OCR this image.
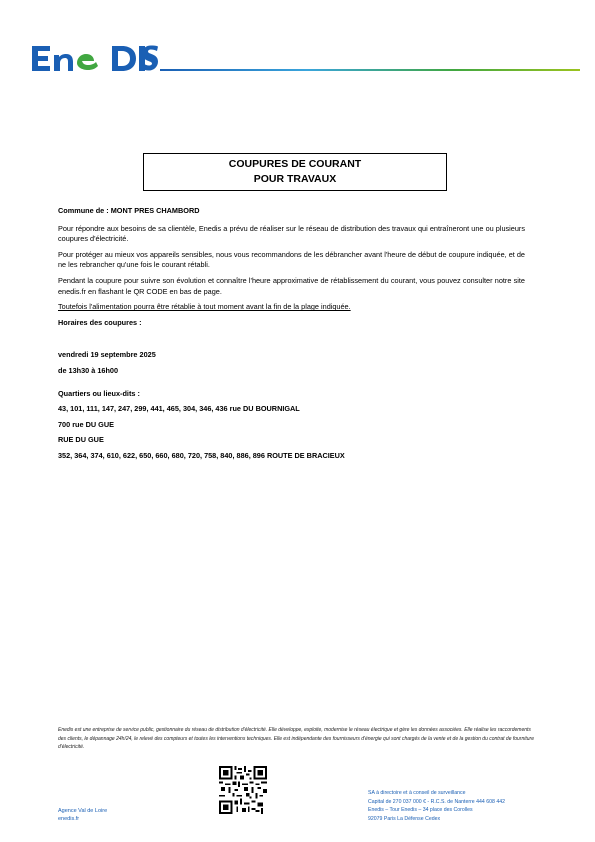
COUPURES DE COURANT
POUR TRAVAUX

Commune de : MONT PRES CHAMBORD

Pour répondre aux besoins de sa clientèle, Enedis a prévu de réaliser sur le réseau de distribution des travaux qui entraîneront une ou plusieurs coupures d'électricité.

Pour protéger au mieux vos appareils sensibles, nous vous recommandons de les débrancher avant l'heure de début de coupure indiquée, et de ne les rebrancher qu'une fois le courant rétabli.

Pendant la coupure pour suivre son évolution et connaître l'heure approximative de rétablissement du courant, vous pouvez consulter notre site enedis.fr en flashant le QR CODE en bas de page.

Toutefois l'alimentation pourra être rétablie à tout moment avant la fin de la plage indiquée.

Horaires des coupures :

vendredi 19 septembre 2025

de 13h30 à 16h00

Quartiers ou lieux-dits :

43, 101, 111, 147, 247, 299, 441, 465, 304, 346, 436 rue DU BOURNIGAL

700 rue DU GUE

RUE DU GUE

352, 364, 374, 610, 622, 650, 660, 680, 720, 758, 840, 886, 896 ROUTE DE BRACIEUX

Enedis est une entreprise de service public, gestionnaire du réseau de distribution d'électricité. Elle développe, exploite, modernise le réseau électrique et gère les données associées. Elle réalise les raccordements des clients, le dépannage 24h/24, le relevé des compteurs et toutes les interventions techniques. Elle est indépendante des fournisseurs d'énergie qui sont chargés de la vente et de la gestion du contrat de fourniture d'électricité.
Agence Val de Loire
enedis.fr
SA à directoire et à conseil de surveillance
Capital de 270 037 000 € - R.C.S. de Nanterre 444 608 442
Enedis – Tour Enedis – 34 place des Corolles
92079 Paris La Défense Cedex
